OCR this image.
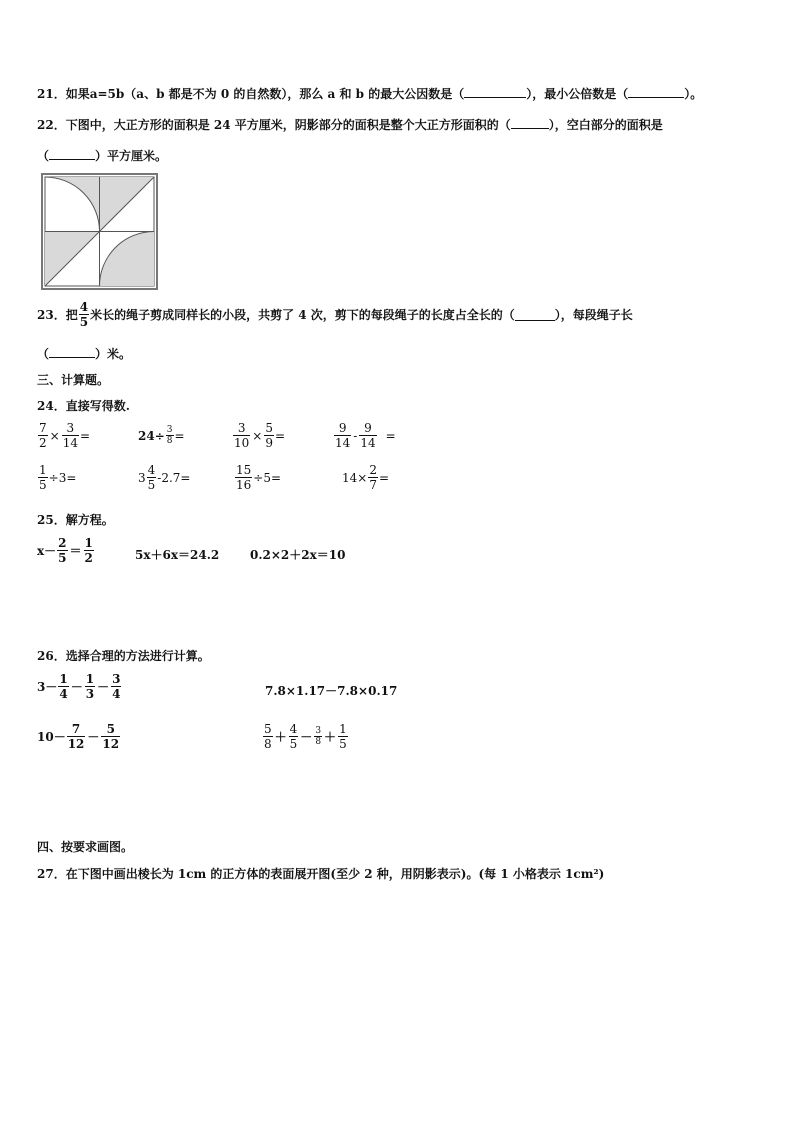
21．如果a=5b（a、b 都是不为 0 的自然数），那么 a 和 b 的最大公因数是（	），最小公倍数是（	）。
22．下图中，大正方形的面积是 24 平方厘米，阴影部分的面积是整个大正方形面积的（	），空白部分的面积是
（	）平方厘米。
23． 把 $\frac{4}{5}$ 米长的绳子剪成同样长的小段，共剪了 4 次，剪下的每段绳子的长度占全长的（	），每段绳子长
（	）米。
三、计算题。
24．直接写得数.
$\frac{7}{2} \times \frac{3}{14}$ =	$24\div \frac{3}{8}$ =	$\frac{3}{10} \times \frac{5}{9}$ =	$\frac{9}{14} - \frac{9}{14}$ =
$\frac{1}{5} \div 3=$	$3 \frac{4}{5} -2.7=$	$\frac{15}{16} \div 5=$	$14\times \frac{2}{7}$ =
25．解方程。
$x- \frac{2}{5} = \frac{1}{2}$	5x＋6x＝24.2	0.2×2＋2x＝10
26．选择合理的方法进行计算。
$3- \frac{1}{4} - \frac{1}{3} - \frac{3}{4}$	7.8×1.17－7.8×0.17
$10- \frac{7}{12} - \frac{5}{12}$	$\frac{5}{8} + \frac{4}{5} - \frac{3}{8} + \frac{1}{5}$
四、按要求画图。
27．在下图中画出棱长为 1cm 的正方体的表面展开图(至少 2 种，用阴影表示)。(每 1 小格表示 1cm²)
